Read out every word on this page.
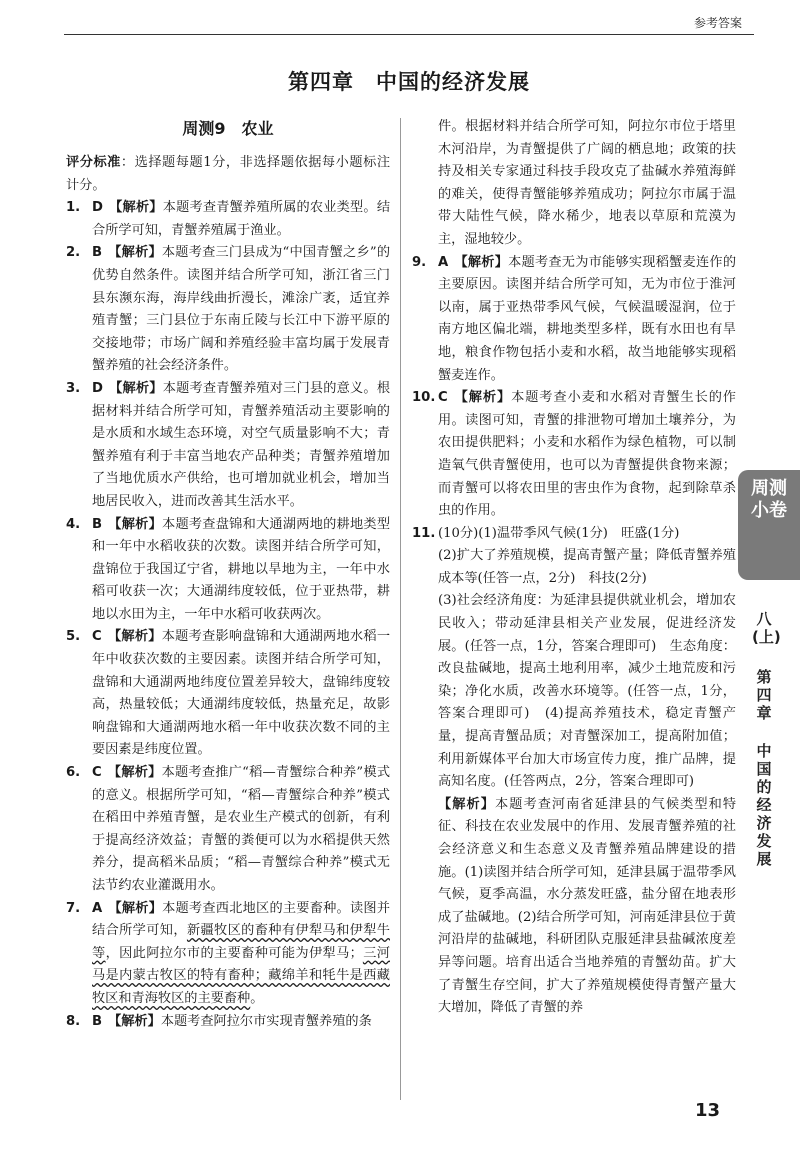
参考答案
第四章　中国的经济发展
周测9　农业

评分标准：选择题每题1分，非选择题依据每小题标注计分。

1. D 【解析】本题考查青蟹养殖所属的农业类型。结合所学可知，青蟹养殖属于渔业。

2. B 【解析】本题考查三门县成为“中国青蟹之乡”的优势自然条件。读图并结合所学可知，浙江省三门县东濒东海，海岸线曲折漫长，滩涂广袤，适宜养殖青蟹；三门县位于东南丘陵与长江中下游平原的交接地带；市场广阔和养殖经验丰富均属于发展青蟹养殖的社会经济条件。

3. D 【解析】本题考查青蟹养殖对三门县的意义。根据材料并结合所学可知，青蟹养殖活动主要影响的是水质和水域生态环境，对空气质量影响不大；青蟹养殖有利于丰富当地农产品种类；青蟹养殖增加了当地优质水产供给，也可增加就业机会，增加当地居民收入，进而改善其生活水平。

4. B 【解析】本题考查盘锦和大通湖两地的耕地类型和一年中水稻收获的次数。读图并结合所学可知，盘锦位于我国辽宁省，耕地以旱地为主，一年中水稻可收获一次；大通湖纬度较低，位于亚热带，耕地以水田为主，一年中水稻可收获两次。

5. C 【解析】本题考查影响盘锦和大通湖两地水稻一年中收获次数的主要因素。读图并结合所学可知，盘锦和大通湖两地纬度位置差异较大，盘锦纬度较高，热量较低；大通湖纬度较低，热量充足，故影响盘锦和大通湖两地水稻一年中收获次数不同的主要因素是纬度位置。

6. C 【解析】本题考查推广“稻—青蟹综合种养”模式的意义。根据所学可知，“稻—青蟹综合种养”模式在稻田中养殖青蟹，是农业生产模式的创新，有利于提高经济效益；青蟹的粪便可以为水稻提供天然养分，提高稻米品质；“稻—青蟹综合种养”模式无法节约农业灌溉用水。

7. A 【解析】本题考查西北地区的主要畜种。读图并结合所学可知，新疆牧区的畜种有伊犁马和伊犁牛等，因此阿拉尔市的主要畜种可能为伊犁马；三河马是内蒙古牧区的特有畜种；藏绵羊和牦牛是西藏牧区和青海牧区的主要畜种。

8. B 【解析】本题考查阿拉尔市实现青蟹养殖的条

件。根据材料并结合所学可知，阿拉尔市位于塔里木河沿岸，为青蟹提供了广阔的栖息地；政策的扶持及相关专家通过科技手段攻克了盐碱水养殖海鲜的难关，使得青蟹能够养殖成功；阿拉尔市属于温带大陆性气候，降水稀少，地表以草原和荒漠为主，湿地较少。

9. A 【解析】本题考查无为市能够实现稻蟹麦连作的主要原因。读图并结合所学可知，无为市位于淮河以南，属于亚热带季风气候，气候温暖湿润，位于南方地区偏北端，耕地类型多样，既有水田也有旱地，粮食作物包括小麦和水稻，故当地能够实现稻蟹麦连作。

10. C 【解析】本题考查小麦和水稻对青蟹生长的作用。读图可知，青蟹的排泄物可增加土壤养分，为农田提供肥料；小麦和水稻作为绿色植物，可以制造氧气供青蟹使用，也可以为青蟹提供食物来源；而青蟹可以将农田里的害虫作为食物，起到除草杀虫的作用。

11. (10分)(1)温带季风气候(1分)　旺盛(1分)

(2)扩大了养殖规模，提高青蟹产量；降低青蟹养殖成本等(任答一点，2分)　科技(2分)

(3)社会经济角度：为延津县提供就业机会，增加农民收入；带动延津县相关产业发展，促进经济发展。(任答一点，1分，答案合理即可)　生态角度：改良盐碱地，提高土地利用率，减少土地荒废和污染；净化水质，改善水环境等。(任答一点，1分，答案合理即可)　(4)提高养殖技术，稳定青蟹产量，提高青蟹品质；对青蟹深加工，提高附加值；利用新媒体平台加大市场宣传力度，推广品牌，提高知名度。(任答两点，2分，答案合理即可)

【解析】本题考查河南省延津县的气候类型和特征、科技在农业发展中的作用、发展青蟹养殖的社会经济意义和生态意义及青蟹养殖品牌建设的措施。(1)读图并结合所学可知，延津县属于温带季风气候，夏季高温，水分蒸发旺盛，盐分留在地表形成了盐碱地。(2)结合所学可知，河南延津县位于黄河沿岸的盐碱地，科研团队克服延津县盐碱浓度差异等问题。培育出适合当地养殖的青蟹幼苗。扩大了青蟹生存空间，扩大了养殖规模使得青蟹产量大大增加，降低了青蟹的养

周测小卷
八(上)
第四章
中国的经济发展
13
